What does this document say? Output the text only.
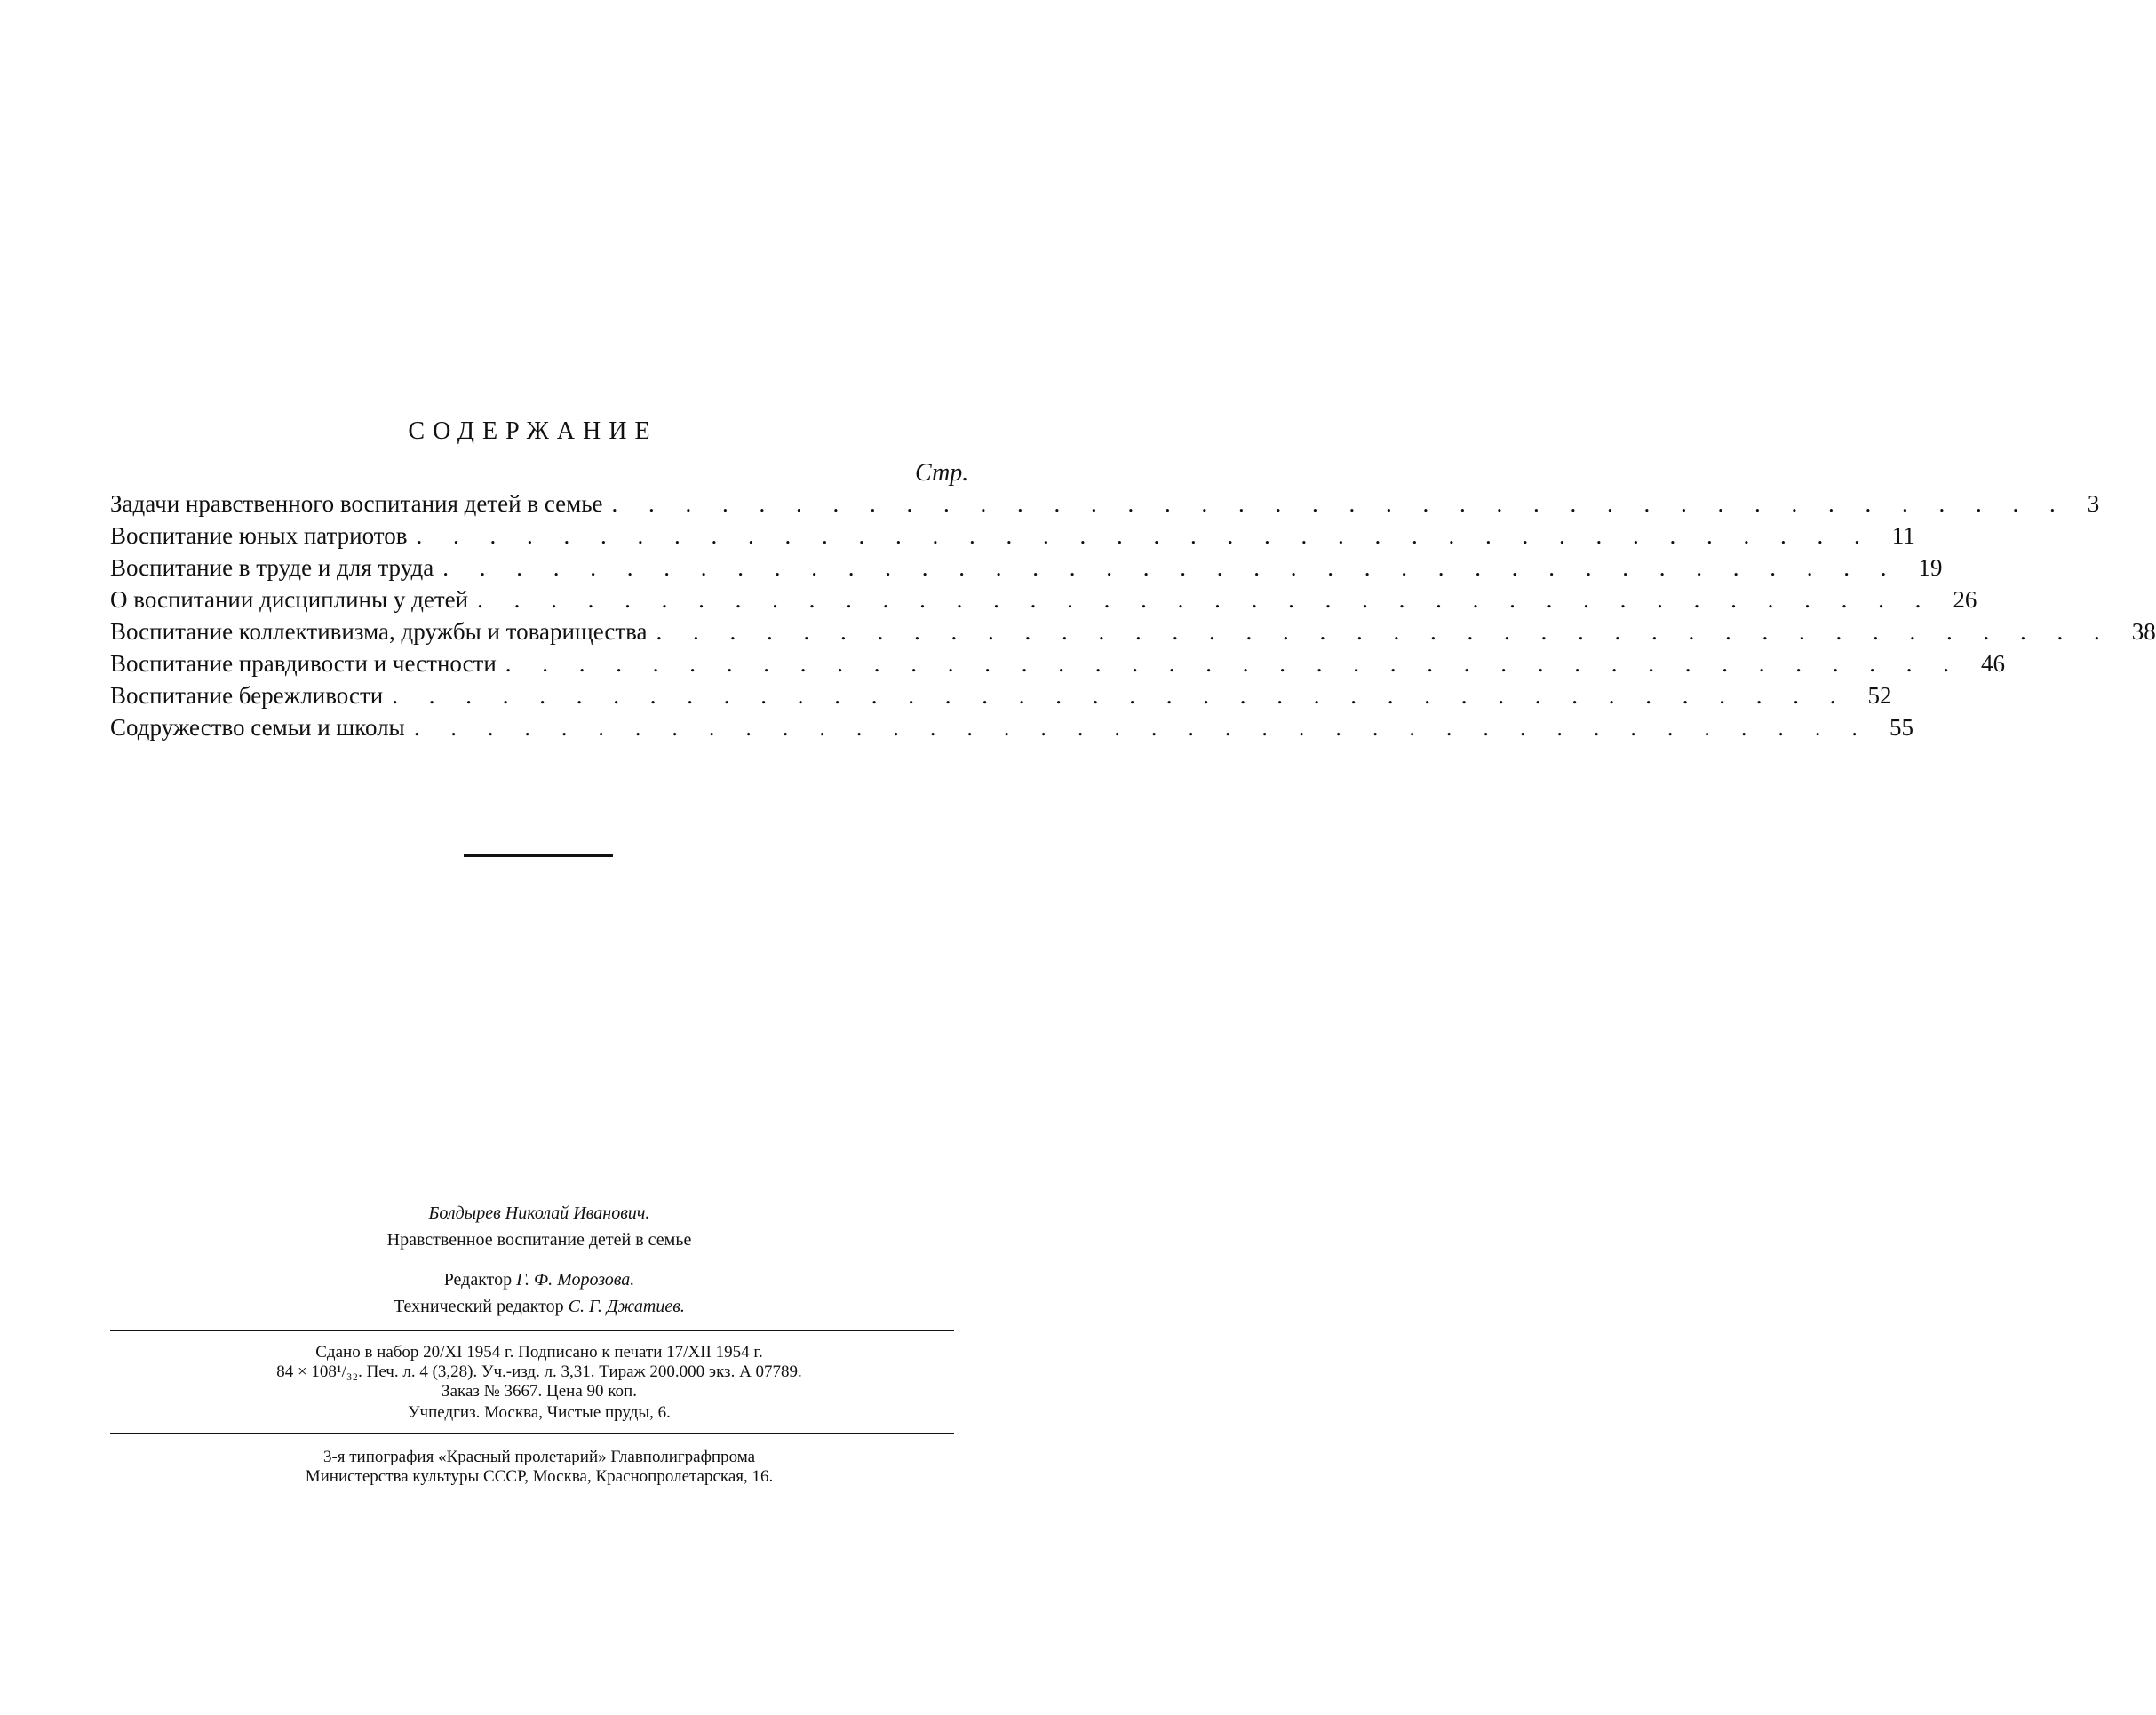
СОДЕРЖАНИЕ
Стр.
Задачи нравственного воспитания детей в семье . . . . . . . . . . . . . . . . . . . . . . . . . . . . . . . . . . . . . . . . 3
Воспитание юных патриотов . . . . . . . . . . . . . . . . . . . . . . . . . . . . . . . . . . . . . . . . 11
Воспитание в труде и для труда . . . . . . . . . . . . . . . . . . . . . . . . . . . . . . . . . . . . . . . . 19
О воспитании дисциплины у детей . . . . . . . . . . . . . . . . . . . . . . . . . . . . . . . . . . . . . . . . 26
Воспитание коллективизма, дружбы и товарищества . . . . . . . . . . . . . . . . . . . . . . . . . . . . . . . . . . . . . . . . 38
Воспитание правдивости и честности . . . . . . . . . . . . . . . . . . . . . . . . . . . . . . . . . . . . . . . . 46
Воспитание бережливости . . . . . . . . . . . . . . . . . . . . . . . . . . . . . . . . . . . . . . . . 52
Содружество семьи и школы . . . . . . . . . . . . . . . . . . . . . . . . . . . . . . . . . . . . . . . . 55
Болдырев Николай Иванович.
Нравственное воспитание детей в семье
Редактор Г. Ф. Морозова.
Технический редактор С. Г. Джатиев.
Сдано в набор 20/XI 1954 г. Подписано к печати 17/XII 1954 г.
84 × 108¹/₃₂. Печ. л. 4 (3,28). Уч.-изд. л. 3,31. Тираж 200.000 экз. А 07789.
Заказ № 3667. Цена 90 коп.
Учпедгиз. Москва, Чистые пруды, 6.
3-я типография «Красный пролетарий» Главполиграфпрома
Министерства культуры СССР, Москва, Краснопролетарская, 16.
